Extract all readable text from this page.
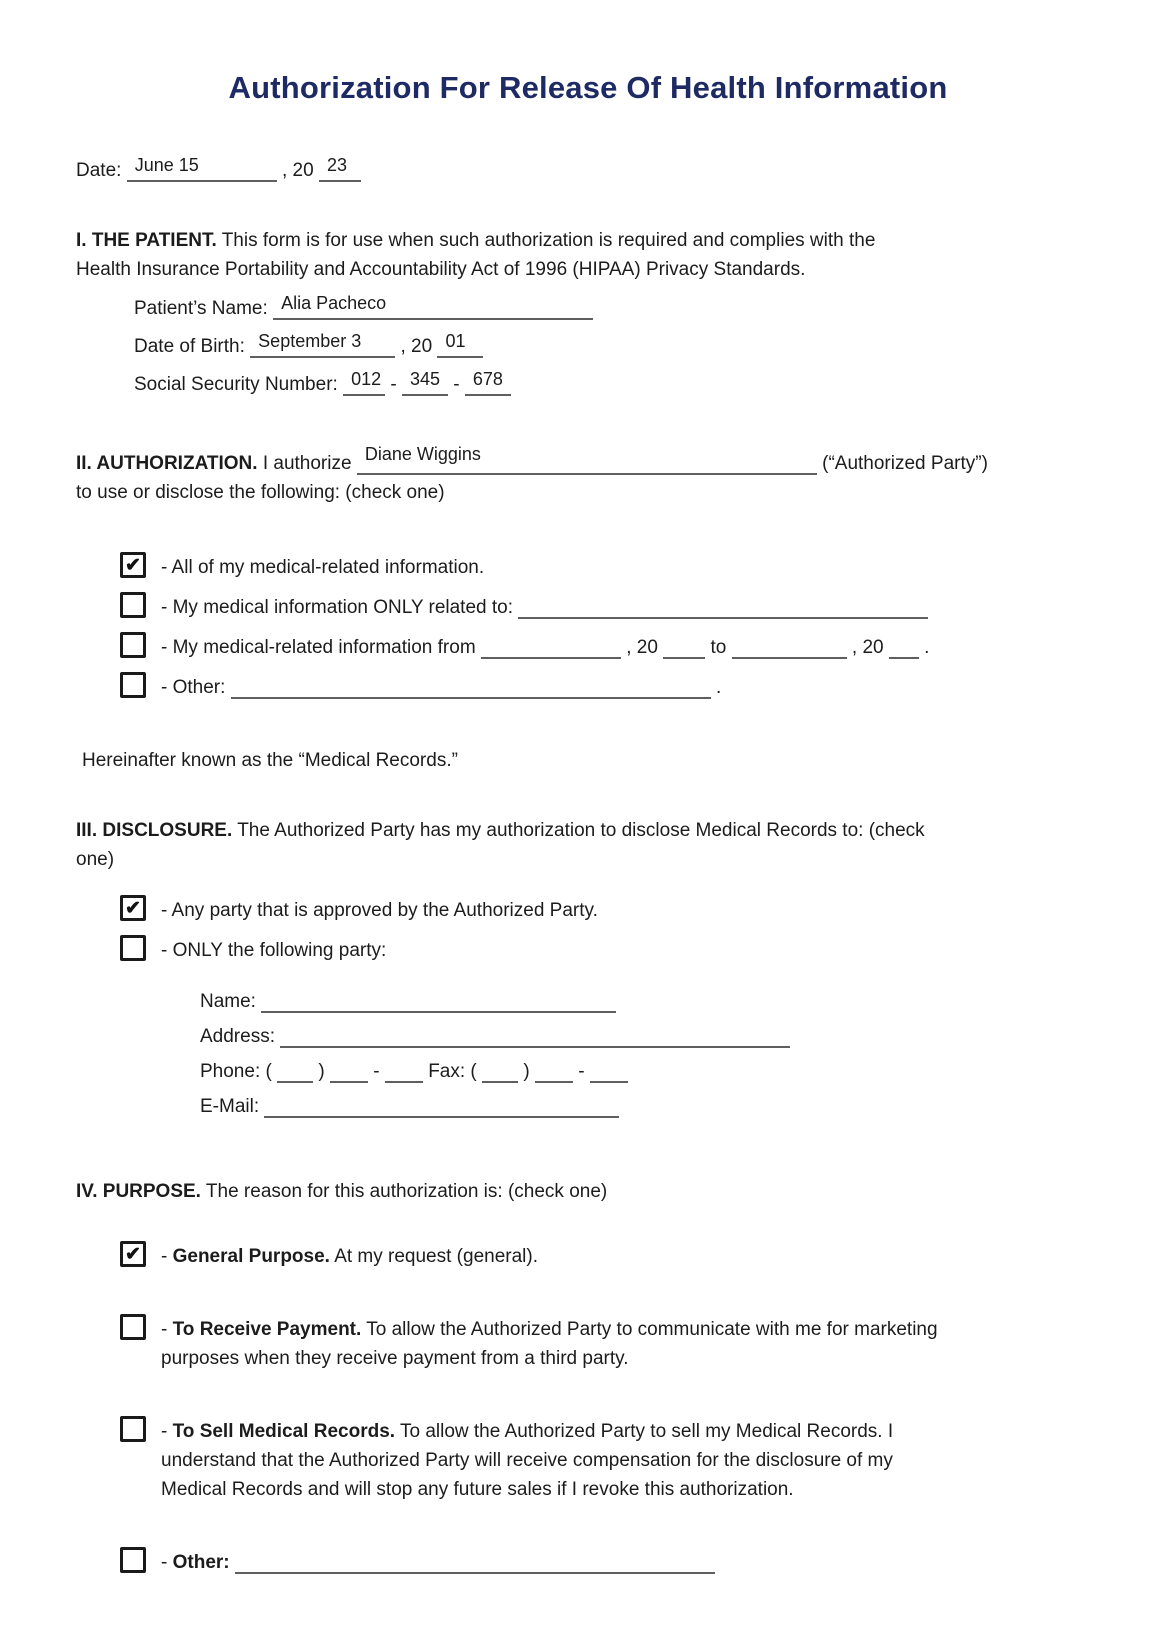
Authorization For Release Of Health Information
Date: June 15	, 20 23
I. THE PATIENT. This form is for use when such authorization is required and complies with the
Health Insurance Portability and Accountability Act of 1996 (HIPAA) Privacy Standards.
Patient’s Name: Alia Pacheco
Date of Birth: September 3 , 20 01
Social Security Number: 012 - 345 - 678
II. AUTHORIZATION. I authorize Diane Wiggins	(“Authorized Party”)
to use or disclose the following: (check one)
✔ - All of my medical-related information.
- My medical information ONLY related to:
- My medical-related information from	, 20	to	, 20 .
- Other:	.
Hereinafter known as the “Medical Records.”
III. DISCLOSURE. The Authorized Party has my authorization to disclose Medical Records to: (check
one)
✔ - Any party that is approved by the Authorized Party.
- ONLY the following party:
Name:
Address:
Phone: ( )	-	Fax: ( )	-
E-Mail:
IV. PURPOSE. The reason for this authorization is: (check one)
✔ - General Purpose. At my request (general).
- To Receive Payment. To allow the Authorized Party to communicate with me for marketing purposes when they receive payment from a third party.
- To Sell Medical Records. To allow the Authorized Party to sell my Medical Records. I understand that the Authorized Party will receive compensation for the disclosure of my Medical Records and will stop any future sales if I revoke this authorization.
- Other:
